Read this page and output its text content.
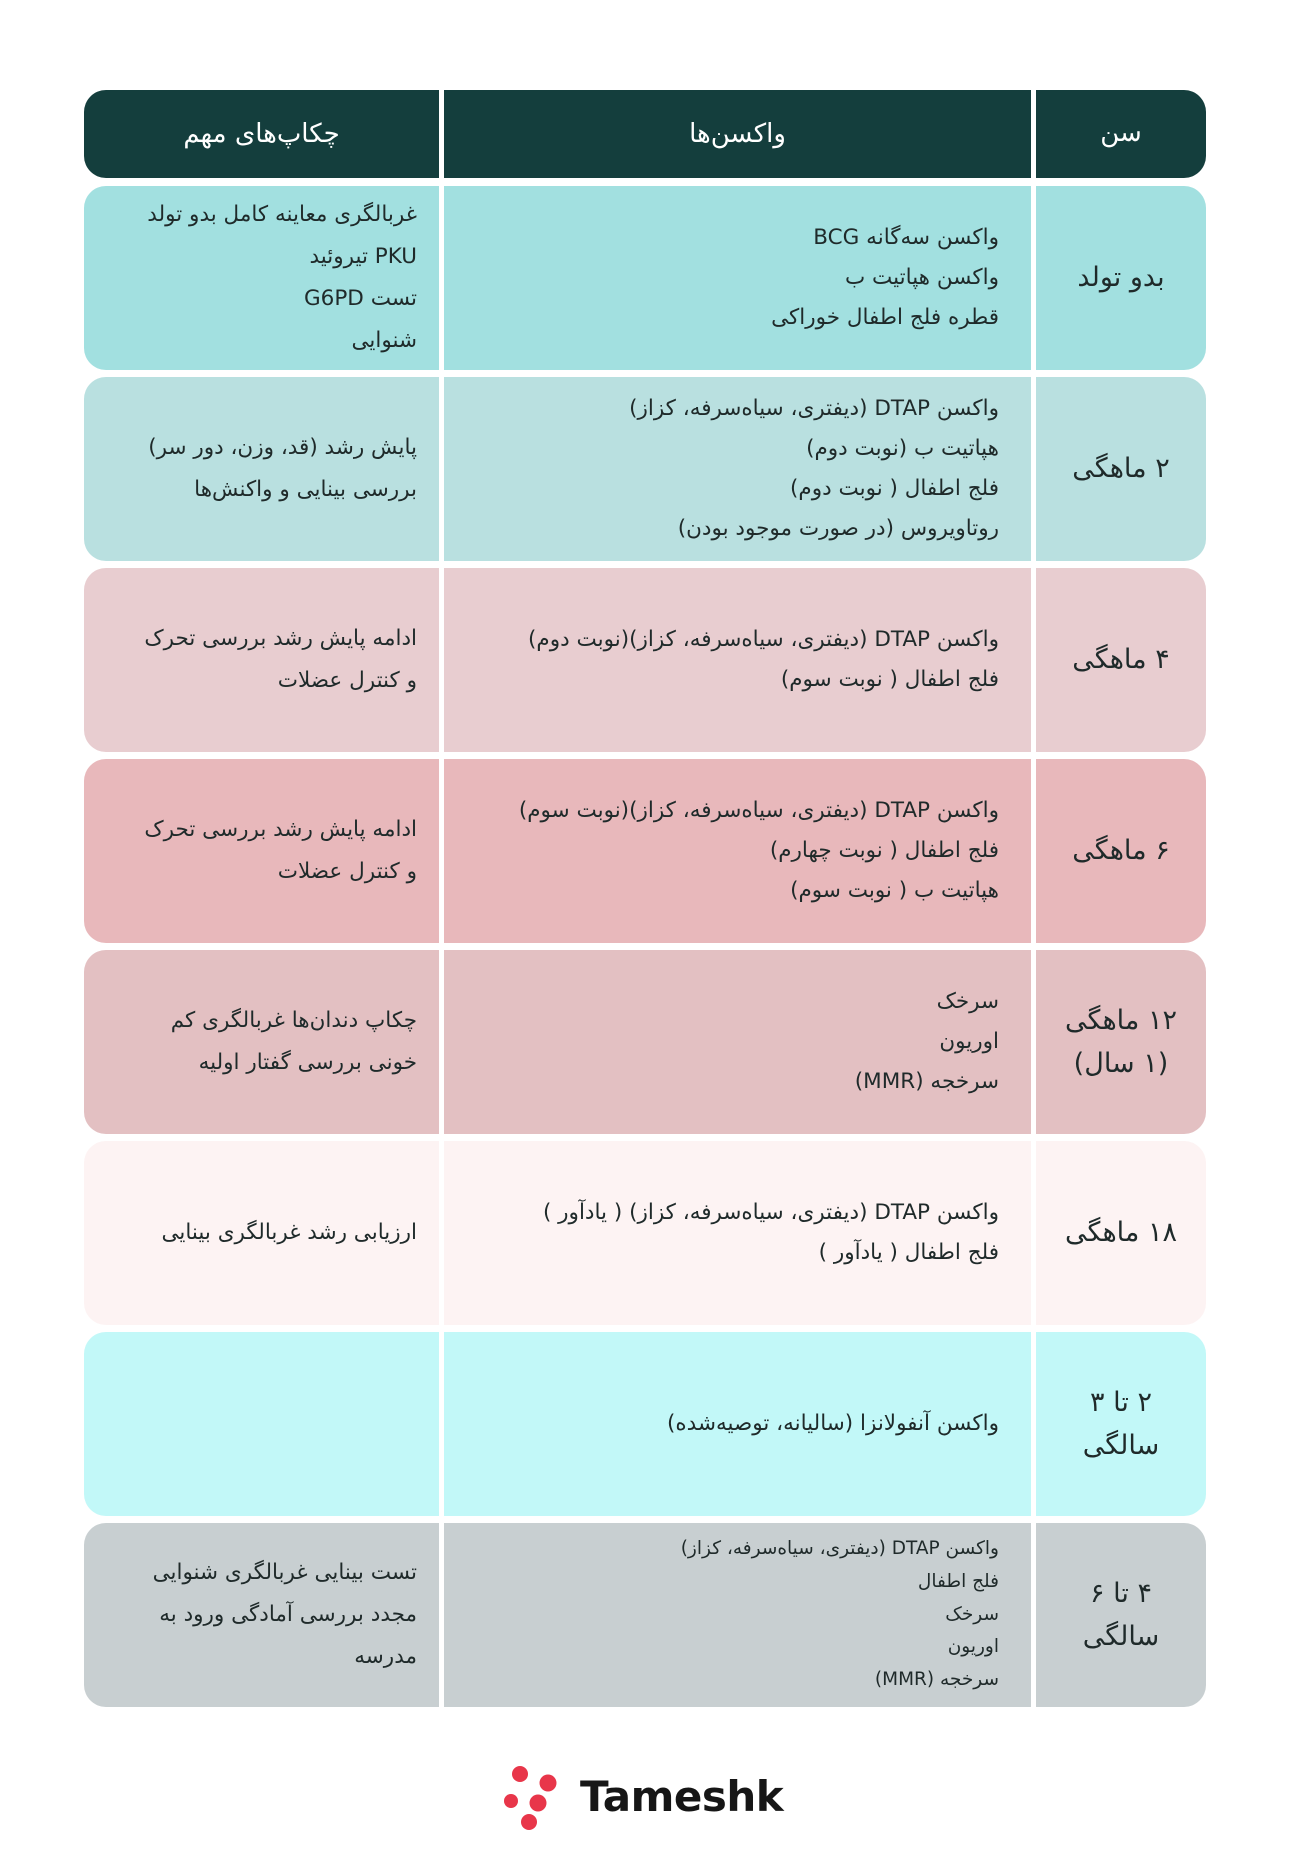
سن
واکسن‌ها
چکاپ‌های مهم
بدو تولد
واکسن سه‌گانه BCG
واکسن هپاتیت ب
قطره فلج اطفال خوراکی
غربالگری معاینه کامل بدو تولد
PKU تیروئید
تست G6PD
شنوایی
۲ ماهگی
واکسن DTAP (دیفتری، سیاه‌سرفه، کزاز)
هپاتیت ب (نوبت دوم)
فلج اطفال ( نوبت دوم)
روتاویروس (در صورت موجود بودن)
پایش رشد (قد، وزن، دور سر)
بررسی بینایی و واکنش‌ها
۴ ماهگی
واکسن DTAP (دیفتری، سیاه‌سرفه، کزاز)(نوبت دوم)
فلج اطفال ( نوبت سوم)
ادامه پایش رشد بررسی تحرک
و کنترل عضلات
۶ ماهگی
واکسن DTAP (دیفتری، سیاه‌سرفه، کزاز)(نوبت سوم)
فلج اطفال ( نوبت چهارم)
هپاتیت ب ( نوبت سوم)
ادامه پایش رشد بررسی تحرک
و کنترل عضلات
۱۲ ماهگی
(۱ سال)
سرخک
اوریون
سرخجه (MMR)
چکاپ دندان‌ها غربالگری کم
خونی بررسی گفتار اولیه
۱۸ ماهگی
واکسن DTAP (دیفتری، سیاه‌سرفه، کزاز) ( یادآور )
فلج اطفال ( یادآور )
ارزیابی رشد غربالگری بینایی
۲ تا ۳
سالگی
واکسن آنفولانزا (سالیانه، توصیه‌شده)
۴ تا ۶
سالگی
واکسن DTAP (دیفتری، سیاه‌سرفه، کزاز)
فلج اطفال
سرخک
اوریون
سرخجه (MMR)
تست بینایی غربالگری شنوایی
مجدد بررسی آمادگی ورود به
مدرسه
Tameshk
